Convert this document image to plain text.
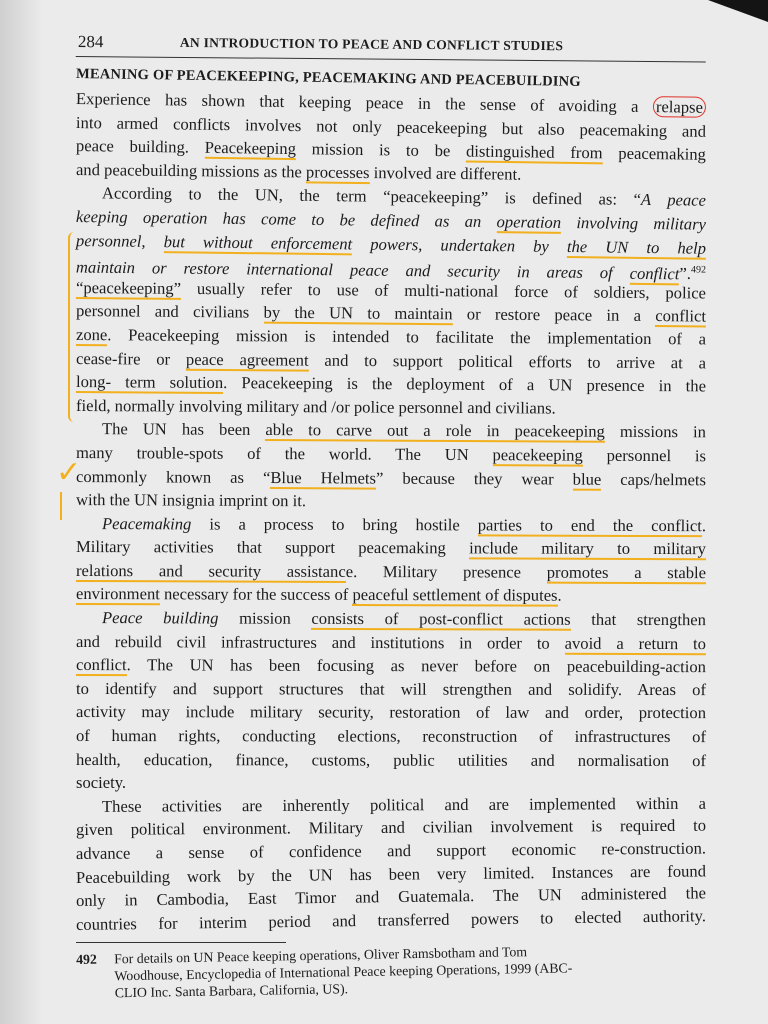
284	AN INTRODUCTION TO PEACE AND CONFLICT STUDIES
MEANING OF PEACEKEEPING, PEACEMAKING AND PEACEBUILDING
Experience has shown that keeping peace in the sense of avoiding a relapse
into armed conflicts involves not only peacekeeping but also peacemaking and
peace building. Peacekeeping mission is to be distinguished from peacemaking
and peacebuilding missions as the processes involved are different.
According to the UN, the term “peacekeeping” is defined as: “A peace
keeping operation has come to be defined as an operation involving military
personnel, but without enforcement powers, undertaken by the UN to help
maintain or restore international peace and security in areas of conflict”.$^{492}$
“peacekeeping” usually refer to use of multi-national force of soldiers, police
personnel and civilians by the UN to maintain or restore peace in a conflict
zone. Peacekeeping mission is intended to facilitate the implementation of a
cease-fire or peace agreement and to support political efforts to arrive at a
long- term solution. Peacekeeping is the deployment of a UN presence in the
field, normally involving military and /or police personnel and civilians.
The UN has been able to carve out a role in peacekeeping missions in
many trouble-spots of the world. The UN peacekeeping personnel is
commonly known as “Blue Helmets” because they wear blue caps/helmets
with the UN insignia imprint on it.
Peacemaking is a process to bring hostile parties to end the conflict.
Military activities that support peacemaking include military to military
relations and security assistance. Military presence promotes a stable
environment necessary for the success of peaceful settlement of disputes.
Peace building mission consists of post-conflict actions that strengthen
and rebuild civil infrastructures and institutions in order to avoid a return to
conflict. The UN has been focusing as never before on peacebuilding-action
to identify and support structures that will strengthen and solidify. Areas of
activity may include military security, restoration of law and order, protection
of human rights, conducting elections, reconstruction of infrastructures of
health, education, finance, customs, public utilities and normalisation of
society.
These activities are inherently political and are implemented within a
given political environment. Military and civilian involvement is required to
advance a sense of confidence and support economic re-construction.
Peacebuilding work by the UN has been very limited. Instances are found
only in Cambodia, East Timor and Guatemala. The UN administered the
countries for interim period and transferred powers to elected authority.
492 For details on UN Peace keeping operations, Oliver Ramsbotham and Tom
Woodhouse, Encyclopedia of International Peace keeping Operations, 1999 (ABC-
CLIO Inc. Santa Barbara, California, US).
✓
